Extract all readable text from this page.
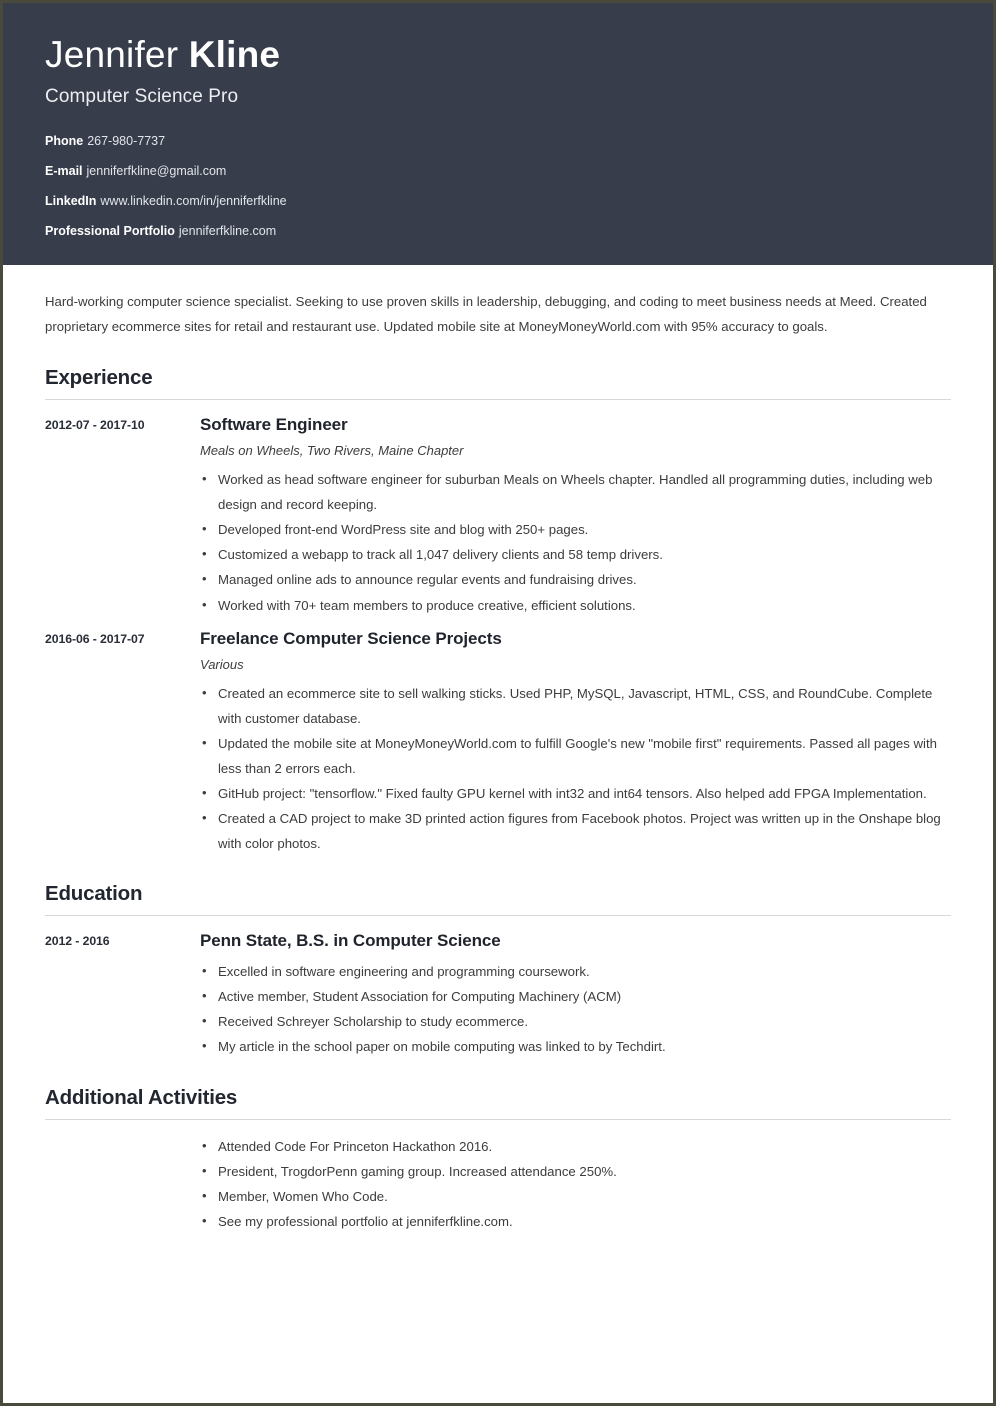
Jennifer Kline
Computer Science Pro
Phone 267-980-7737
E-mail jenniferfkline@gmail.com
LinkedIn www.linkedin.com/in/jenniferfkline
Professional Portfolio jenniferfkline.com

Hard-working computer science specialist. Seeking to use proven skills in leadership, debugging, and coding to meet business needs at Meed. Created proprietary ecommerce sites for retail and restaurant use. Updated mobile site at MoneyMoneyWorld.com with 95% accuracy to goals.

Experience
2012-07 - 2017-10	Software Engineer
Meals on Wheels, Two Rivers, Maine Chapter
• Worked as head software engineer for suburban Meals on Wheels chapter. Handled all programming duties, including web design and record keeping.
• Developed front-end WordPress site and blog with 250+ pages.
• Customized a webapp to track all 1,047 delivery clients and 58 temp drivers.
• Managed online ads to announce regular events and fundraising drives.
• Worked with 70+ team members to produce creative, efficient solutions.
2016-06 - 2017-07	Freelance Computer Science Projects
Various
• Created an ecommerce site to sell walking sticks. Used PHP, MySQL, Javascript, HTML, CSS, and RoundCube. Complete with customer database.
• Updated the mobile site at MoneyMoneyWorld.com to fulfill Google's new "mobile first" requirements. Passed all pages with less than 2 errors each.
• GitHub project: "tensorflow." Fixed faulty GPU kernel with int32 and int64 tensors. Also helped add FPGA Implementation.
• Created a CAD project to make 3D printed action figures from Facebook photos. Project was written up in the Onshape blog with color photos.
Education
2012 - 2016	Penn State, B.S. in Computer Science
• Excelled in software engineering and programming coursework.
• Active member, Student Association for Computing Machinery (ACM)
• Received Schreyer Scholarship to study ecommerce.
• My article in the school paper on mobile computing was linked to by Techdirt.
Additional Activities
• Attended Code For Princeton Hackathon 2016.
• President, TrogdorPenn gaming group. Increased attendance 250%.
• Member, Women Who Code.
• See my professional portfolio at jenniferfkline.com.
